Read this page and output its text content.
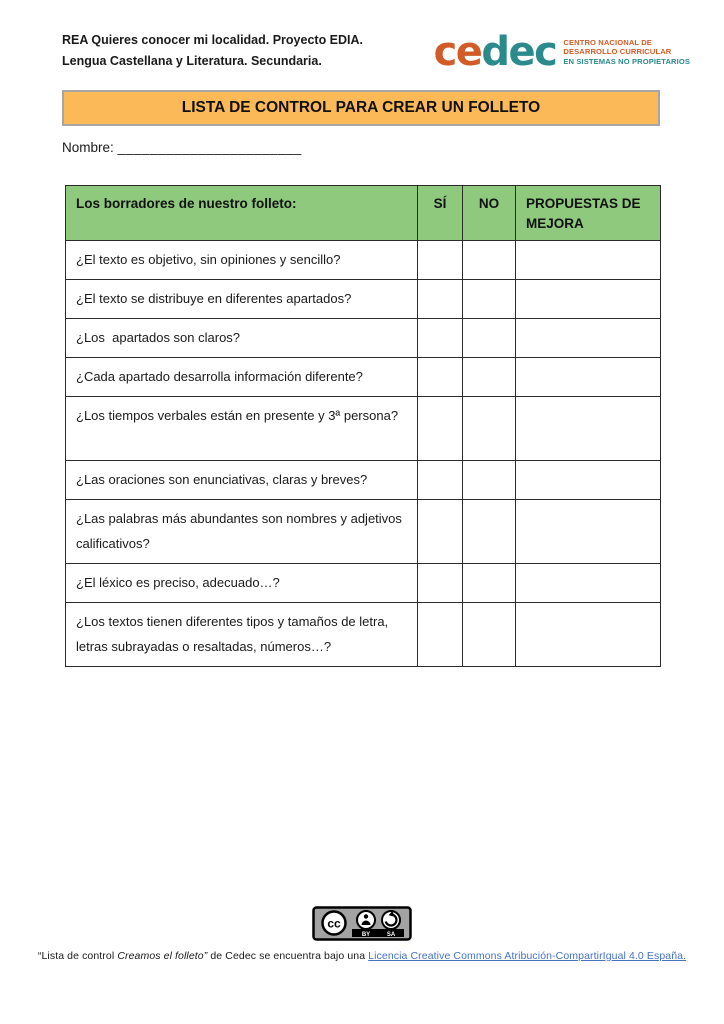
REA Quieres conocer mi localidad. Proyecto EDIA.
Lengua Castellana y Literatura. Secundaria.	cedec CENTRO NACIONAL DE
DESARROLLO CURRICULAR
EN SISTEMAS NO PROPIETARIOS
LISTA DE CONTROL PARA CREAR UN FOLLETO
Nombre: _______________________
Los borradores de nuestro folleto:	SÍ	NO	PROPUESTAS DE MEJORA
¿El texto es objetivo, sin opiniones y sencillo?			
¿El texto se distribuye en diferentes apartados?			
¿Los  apartados son claros?			
¿Cada apartado desarrolla información diferente?			
¿Los tiempos verbales están en presente y 3ª persona?			
¿Las oraciones son enunciativas, claras y breves?			
¿Las palabras más abundantes son nombres y adjetivos calificativos?			
¿El léxico es preciso, adecuado…?			
¿Los textos tienen diferentes tipos y tamaños de letra, letras subrayadas o resaltadas, números…?			
cc
BY	SA
“Lista de control Creamos el folleto” de Cedec se encuentra bajo una Licencia Creative Commons Atribución-CompartirIgual 4.0 España.
